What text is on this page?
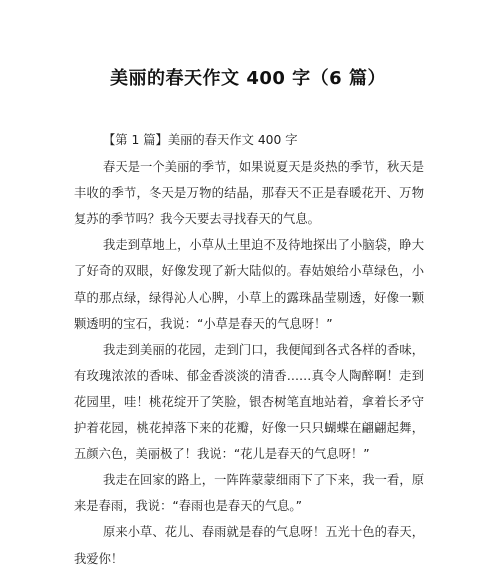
美丽的春天作文 400 字（6 篇）
【第 1 篇】美丽的春天作文 400 字

春天是一个美丽的季节，如果说夏天是炎热的季节，秋天是丰收的季节，冬天是万物的结晶，那春天不正是春暖花开、万物复苏的季节吗？我今天要去寻找春天的气息。

我走到草地上，小草从土里迫不及待地探出了小脑袋，睁大了好奇的双眼，好像发现了新大陆似的。春姑娘给小草绿色，小草的那点绿，绿得沁人心脾，小草上的露珠晶莹剔透，好像一颗颗透明的宝石，我说：“小草是春天的气息呀！”

我走到美丽的花园，走到门口，我便闻到各式各样的香味，有玫瑰浓浓的香味、郁金香淡淡的清香……真令人陶醉啊！走到花园里，哇！桃花绽开了笑脸，银杏树笔直地站着，拿着长矛守护着花园，桃花掉落下来的花瓣，好像一只只蝴蝶在翩翩起舞，五颜六色，美丽极了！我说：“花儿是春天的气息呀！”

我走在回家的路上，一阵阵蒙蒙细雨下了下来，我一看，原来是春雨，我说：“春雨也是春天的气息。”

原来小草、花儿、春雨就是春的气息呀！五光十色的春天，我爱你！
